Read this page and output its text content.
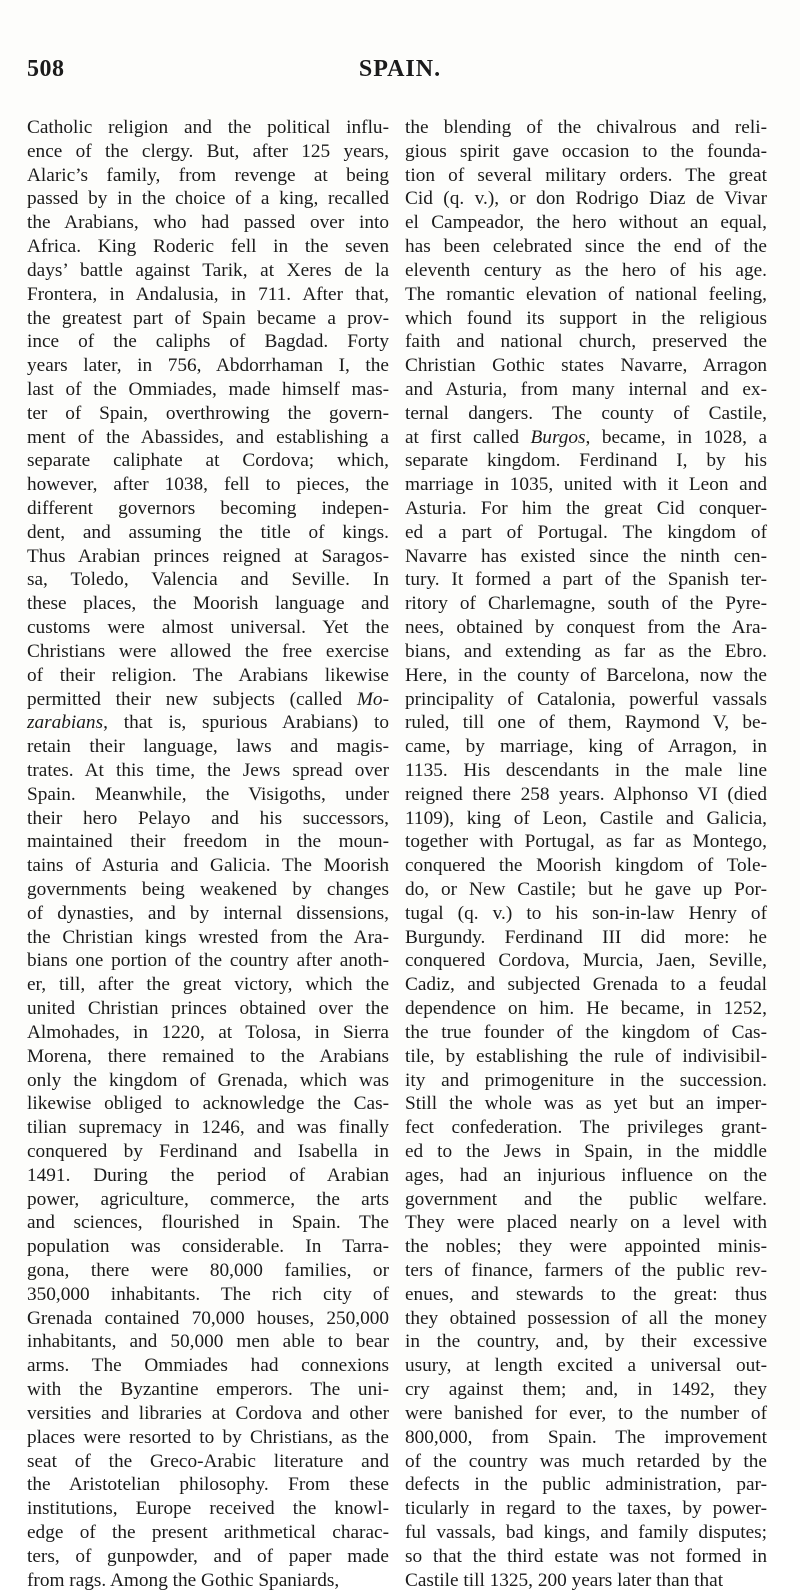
508	SPAIN.
Catholic religion and the political influ-
ence of the clergy. But, after 125 years,
Alaric’s family, from revenge at being
passed by in the choice of a king, recalled
the Arabians, who had passed over into
Africa. King Roderic fell in the seven
days’ battle against Tarik, at Xeres de la
Frontera, in Andalusia, in 711. After that,
the greatest part of Spain became a prov-
ince of the caliphs of Bagdad. Forty
years later, in 756, Abdorrhaman I, the
last of the Ommiades, made himself mas-
ter of Spain, overthrowing the govern-
ment of the Abassides, and establishing a
separate caliphate at Cordova; which,
however, after 1038, fell to pieces, the
different governors becoming indepen-
dent, and assuming the title of kings.
Thus Arabian princes reigned at Saragos-
sa, Toledo, Valencia and Seville. In
these places, the Moorish language and
customs were almost universal. Yet the
Christians were allowed the free exercise
of their religion. The Arabians likewise
permitted their new subjects (called Mo-
zarabians, that is, spurious Arabians) to
retain their language, laws and magis-
trates. At this time, the Jews spread over
Spain. Meanwhile, the Visigoths, under
their hero Pelayo and his successors,
maintained their freedom in the moun-
tains of Asturia and Galicia. The Moorish
governments being weakened by changes
of dynasties, and by internal dissensions,
the Christian kings wrested from the Ara-
bians one portion of the country after anoth-
er, till, after the great victory, which the
united Christian princes obtained over the
Almohades, in 1220, at Tolosa, in Sierra
Morena, there remained to the Arabians
only the kingdom of Grenada, which was
likewise obliged to acknowledge the Cas-
tilian supremacy in 1246, and was finally
conquered by Ferdinand and Isabella in
1491. During the period of Arabian
power, agriculture, commerce, the arts
and sciences, flourished in Spain. The
population was considerable. In Tarra-
gona, there were 80,000 families, or
350,000 inhabitants. The rich city of
Grenada contained 70,000 houses, 250,000
inhabitants, and 50,000 men able to bear
arms. The Ommiades had connexions
with the Byzantine emperors. The uni-
versities and libraries at Cordova and other
places were resorted to by Christians, as the
seat of the Greco-Arabic literature and
the Aristotelian philosophy. From these
institutions, Europe received the knowl-
edge of the present arithmetical charac-
ters, of gunpowder, and of paper made
from rags. Among the Gothic Spaniards,
the blending of the chivalrous and reli-
gious spirit gave occasion to the founda-
tion of several military orders. The great
Cid (q. v.), or don Rodrigo Diaz de Vivar
el Campeador, the hero without an equal,
has been celebrated since the end of the
eleventh century as the hero of his age.
The romantic elevation of national feeling,
which found its support in the religious
faith and national church, preserved the
Christian Gothic states Navarre, Arragon
and Asturia, from many internal and ex-
ternal dangers. The county of Castile,
at first called Burgos, became, in 1028, a
separate kingdom. Ferdinand I, by his
marriage in 1035, united with it Leon and
Asturia. For him the great Cid conquer-
ed a part of Portugal. The kingdom of
Navarre has existed since the ninth cen-
tury. It formed a part of the Spanish ter-
ritory of Charlemagne, south of the Pyre-
nees, obtained by conquest from the Ara-
bians, and extending as far as the Ebro.
Here, in the county of Barcelona, now the
principality of Catalonia, powerful vassals
ruled, till one of them, Raymond V, be-
came, by marriage, king of Arragon, in
1135. His descendants in the male line
reigned there 258 years. Alphonso VI (died
1109), king of Leon, Castile and Galicia,
together with Portugal, as far as Montego,
conquered the Moorish kingdom of Tole-
do, or New Castile; but he gave up Por-
tugal (q. v.) to his son-in-law Henry of
Burgundy. Ferdinand III did more: he
conquered Cordova, Murcia, Jaen, Seville,
Cadiz, and subjected Grenada to a feudal
dependence on him. He became, in 1252,
the true founder of the kingdom of Cas-
tile, by establishing the rule of indivisibil-
ity and primogeniture in the succession.
Still the whole was as yet but an imper-
fect confederation. The privileges grant-
ed to the Jews in Spain, in the middle
ages, had an injurious influence on the
government and the public welfare.
They were placed nearly on a level with
the nobles; they were appointed minis-
ters of finance, farmers of the public rev-
enues, and stewards to the great: thus
they obtained possession of all the money
in the country, and, by their excessive
usury, at length excited a universal out-
cry against them; and, in 1492, they
were banished for ever, to the number of
800,000, from Spain. The improvement
of the country was much retarded by the
defects in the public administration, par-
ticularly in regard to the taxes, by power-
ful vassals, bad kings, and family disputes;
so that the third estate was not formed in
Castile till 1325, 200 years later than that
